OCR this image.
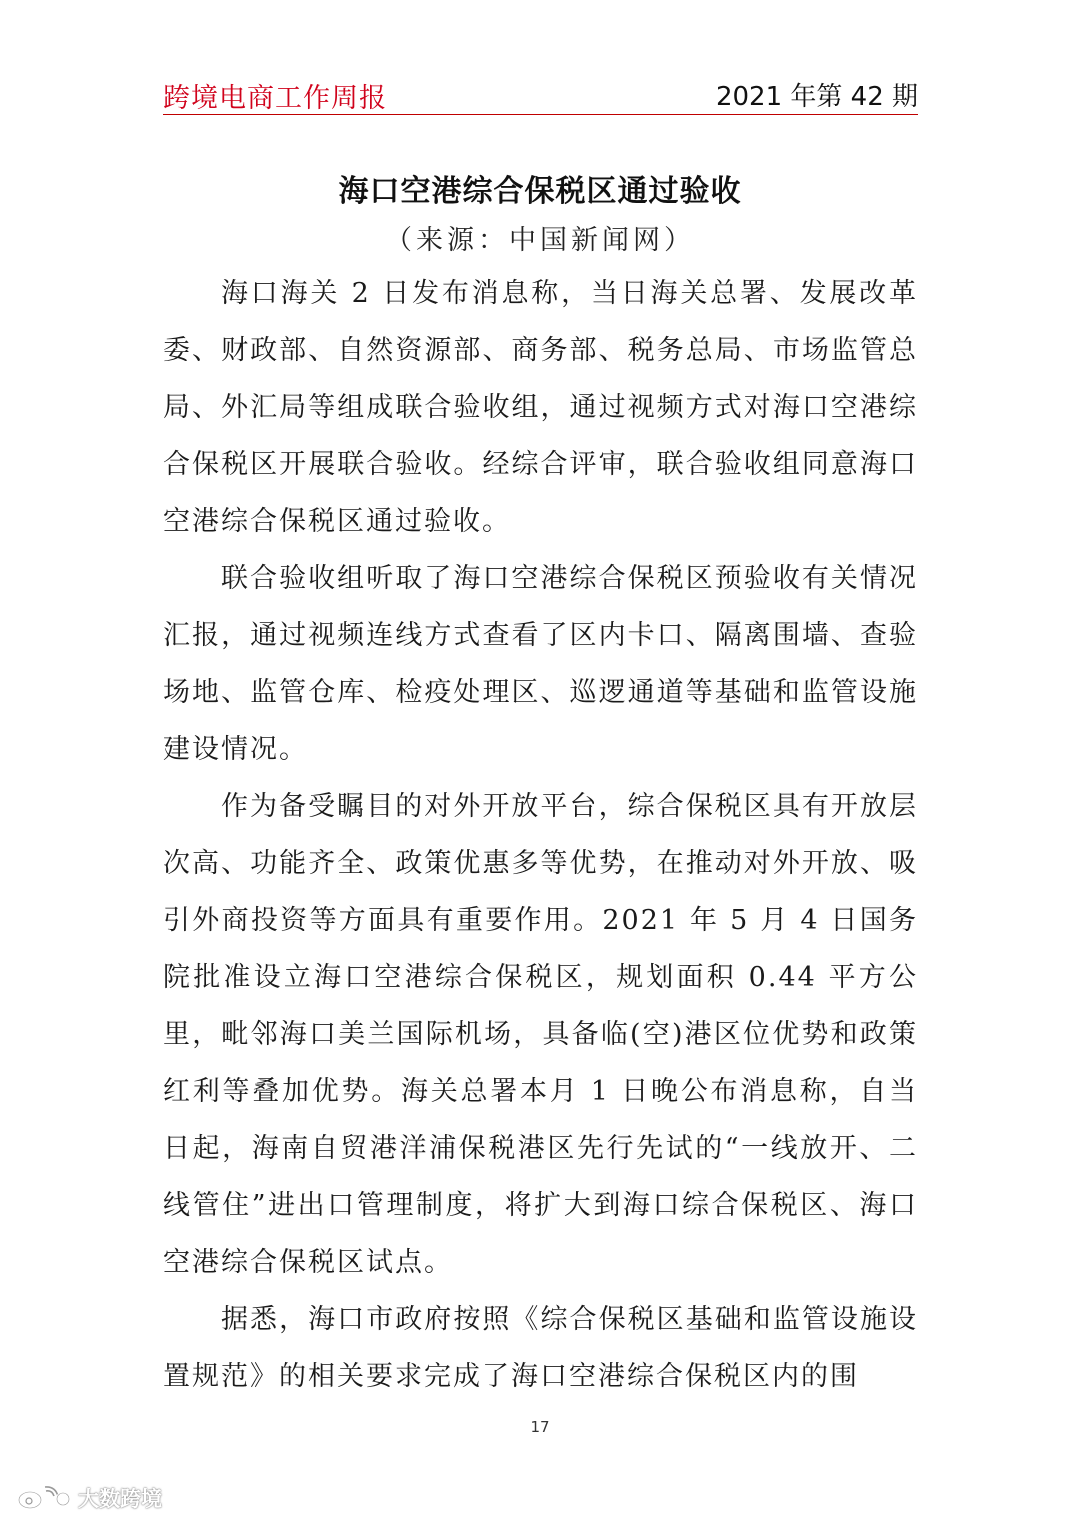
跨境电商工作周报	2021 年第 42 期
海口空港综合保税区通过验收
（来源：中国新闻网）

海口海关 2 日发布消息称，当日海关总署、发展改革委、财政部、自然资源部、商务部、税务总局、市场监管总局、外汇局等组成联合验收组，通过视频方式对海口空港综合保税区开展联合验收。经综合评审，联合验收组同意海口空港综合保税区通过验收。

联合验收组听取了海口空港综合保税区预验收有关情况汇报，通过视频连线方式查看了区内卡口、隔离围墙、查验场地、监管仓库、检疫处理区、巡逻通道等基础和监管设施建设情况。

作为备受瞩目的对外开放平台，综合保税区具有开放层次高、功能齐全、政策优惠多等优势，在推动对外开放、吸引外商投资等方面具有重要作用。2021 年 5 月 4 日国务院批准设立海口空港综合保税区，规划面积 0.44 平方公里，毗邻海口美兰国际机场，具备临(空)港区位优势和政策红利等叠加优势。海关总署本月 1 日晚公布消息称，自当日起，海南自贸港洋浦保税港区先行先试的“一线放开、二线管住”进出口管理制度，将扩大到海口综合保税区、海口空港综合保税区试点。

据悉，海口市政府按照《综合保税区基础和监管设施设置规范》的相关要求完成了海口空港综合保税区内的围

17
大数跨境
